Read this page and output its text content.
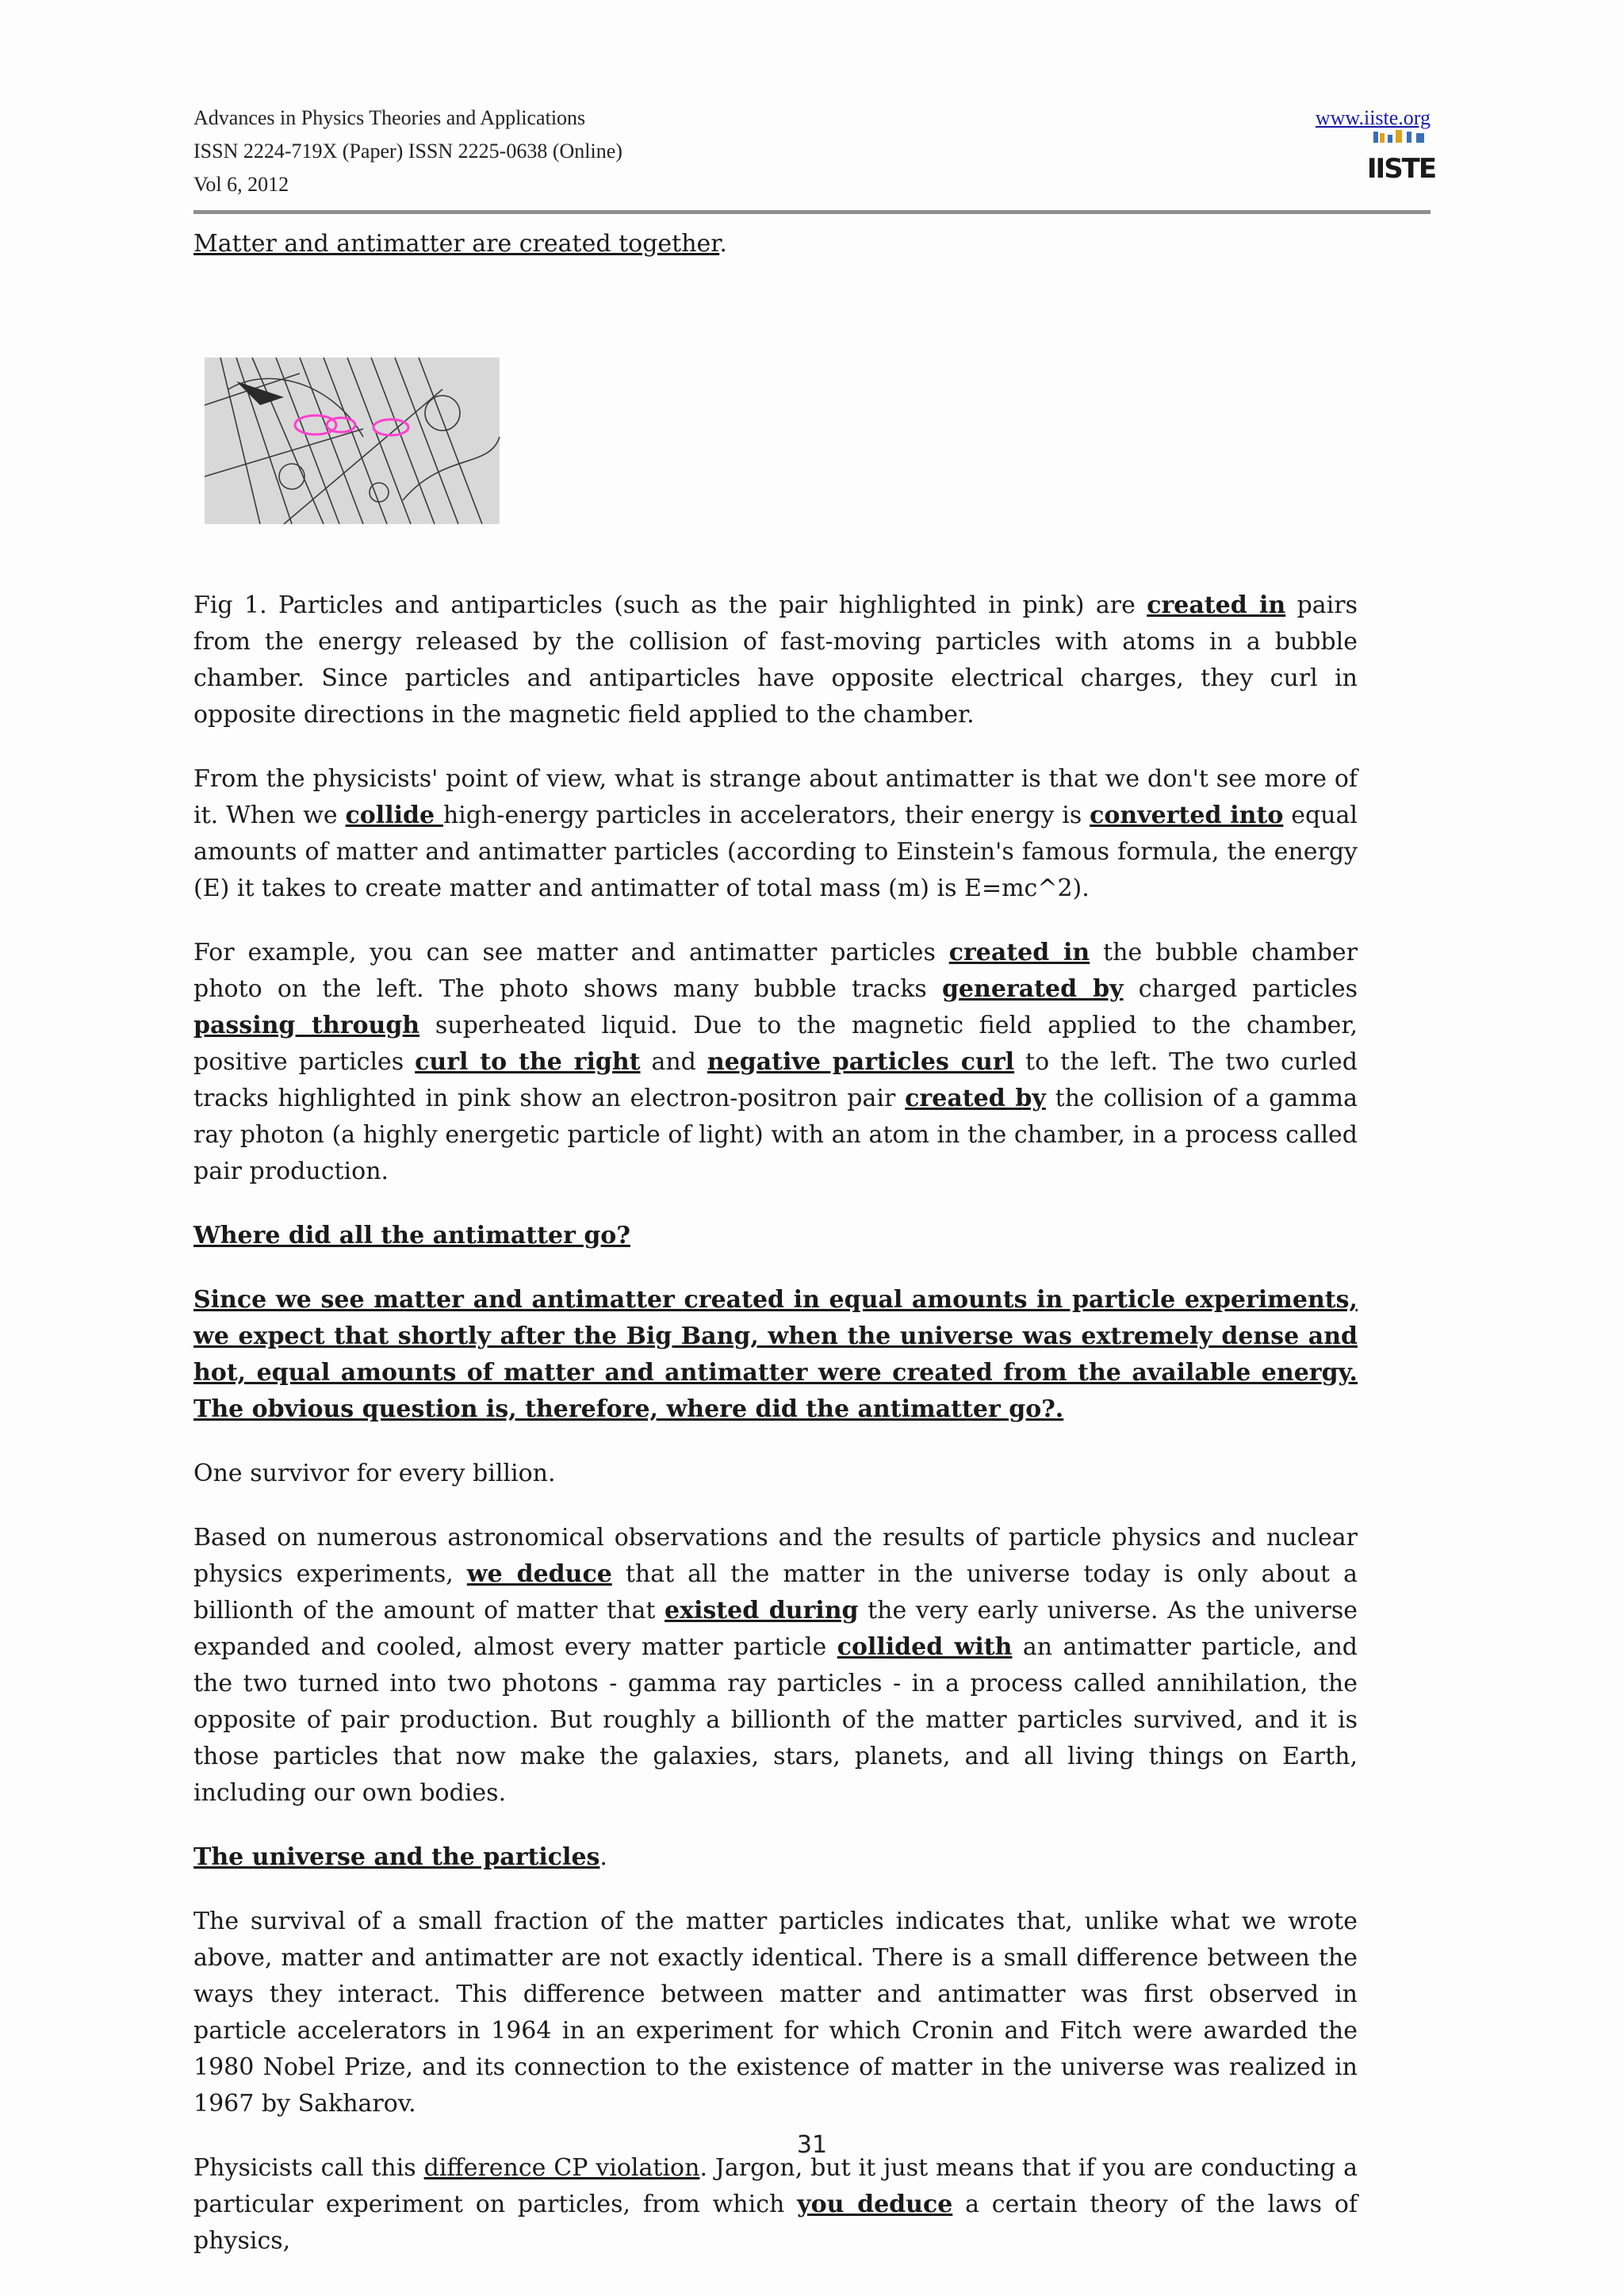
Advances in Physics Theories and Applications
ISSN 2224-719X (Paper) ISSN 2225-0638 (Online)
Vol 6, 2012
www.iiste.org
IISTE

Matter and antimatter are created together.

Fig 1. Particles and antiparticles (such as the pair highlighted in pink) are created in pairs from the energy released by the collision of fast-moving particles with atoms in a bubble chamber. Since particles and antiparticles have opposite electrical charges, they curl in opposite directions in the magnetic field applied to the chamber.

From the physicists' point of view, what is strange about antimatter is that we don't see more of it. When we collide high-energy particles in accelerators, their energy is converted into equal amounts of matter and antimatter particles (according to Einstein's famous formula, the energy (E) it takes to create matter and antimatter of total mass (m) is E=mc^2).

For example, you can see matter and antimatter particles created in the bubble chamber photo on the left. The photo shows many bubble tracks generated by charged particles passing through superheated liquid. Due to the magnetic field applied to the chamber, positive particles curl to the right and negative particles curl to the left. The two curled tracks highlighted in pink show an electron-positron pair created by the collision of a gamma ray photon (a highly energetic particle of light) with an atom in the chamber, in a process called pair production.

Where did all the antimatter go?

Since we see matter and antimatter created in equal amounts in particle experiments, we expect that shortly after the Big Bang, when the universe was extremely dense and hot, equal amounts of matter and antimatter were created from the available energy. The obvious question is, therefore, where did the antimatter go?.

One survivor for every billion.

Based on numerous astronomical observations and the results of particle physics and nuclear physics experiments, we deduce that all the matter in the universe today is only about a billionth of the amount of matter that existed during the very early universe. As the universe expanded and cooled, almost every matter particle collided with an antimatter particle, and the two turned into two photons - gamma ray particles - in a process called annihilation, the opposite of pair production. But roughly a billionth of the matter particles survived, and it is those particles that now make the galaxies, stars, planets, and all living things on Earth, including our own bodies.

The universe and the particles.

The survival of a small fraction of the matter particles indicates that, unlike what we wrote above, matter and antimatter are not exactly identical. There is a small difference between the ways they interact. This difference between matter and antimatter was first observed in particle accelerators in 1964 in an experiment for which Cronin and Fitch were awarded the 1980 Nobel Prize, and its connection to the existence of matter in the universe was realized in 1967 by Sakharov.

Physicists call this difference CP violation. Jargon, but it just means that if you are conducting a particular experiment on particles, from which you deduce a certain theory of the laws of physics,

31
